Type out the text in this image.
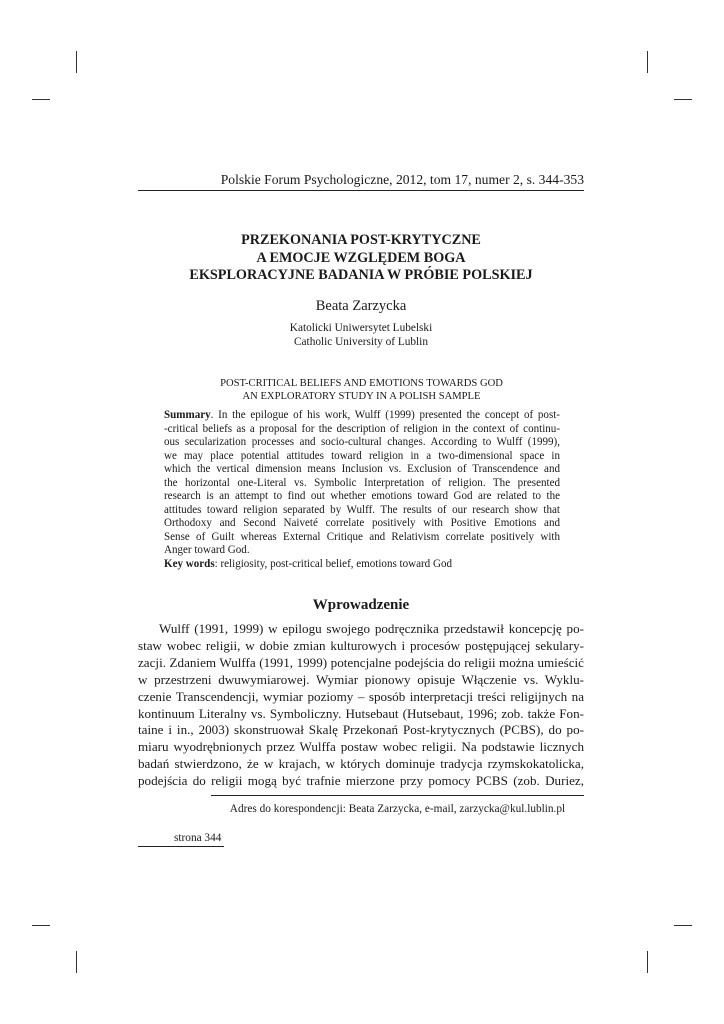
Polskie Forum Psychologiczne, 2012, tom 17, numer 2, s. 344-353
PRZEKONANIA POST-KRYTYCZNE
A EMOCJE WZGLĘDEM BOGA
EKSPLORACYJNE BADANIA W PRÓBIE POLSKIEJ
Beata Zarzycka
Katolicki Uniwersytet Lubelski
Catholic University of Lublin
POST-CRITICAL BELIEFS AND EMOTIONS TOWARDS GOD
AN EXPLORATORY STUDY IN A POLISH SAMPLE
Summary. In the epilogue of his work, Wulff (1999) presented the concept of post-
-critical beliefs as a proposal for the description of religion in the context of continu-
ous secularization processes and socio-cultural changes. According to Wulff (1999),
we may place potential attitudes toward religion in a two-dimensional space in
which the vertical dimension means Inclusion vs. Exclusion of Transcendence and
the horizontal one-Literal vs. Symbolic Interpretation of religion. The presented
research is an attempt to find out whether emotions toward God are related to the
attitudes toward religion separated by Wulff. The results of our research show that
Orthodoxy and Second Naiveté correlate positively with Positive Emotions and
Sense of Guilt whereas External Critique and Relativism correlate positively with
Anger toward God.
Key words: religiosity, post-critical belief, emotions toward God
Wprowadzenie
Wulff (1991, 1999) w epilogu swojego podręcznika przedstawił koncepcję po-
staw wobec religii, w dobie zmian kulturowych i procesów postępującej sekulary-
zacji. Zdaniem Wulffa (1991, 1999) potencjalne podejścia do religii można umieścić
w przestrzeni dwuwymiarowej. Wymiar pionowy opisuje Włączenie vs. Wyklu-
czenie Transcendencji, wymiar poziomy – sposób interpretacji treści religijnych na
kontinuum Literalny vs. Symboliczny. Hutsebaut (Hutsebaut, 1996; zob. także Fon-
taine i in., 2003) skonstruował Skalę Przekonań Post-krytycznych (PCBS), do po-
miaru wyodrębnionych przez Wulffa postaw wobec religii. Na podstawie licznych
badań stwierdzono, że w krajach, w których dominuje tradycja rzymskokatolicka,
podejścia do religii mogą być trafnie mierzone przy pomocy PCBS (zob. Duriez,
Adres do korespondencji: Beata Zarzycka, e-mail, zarzycka@kul.lublin.pl
strona 344
